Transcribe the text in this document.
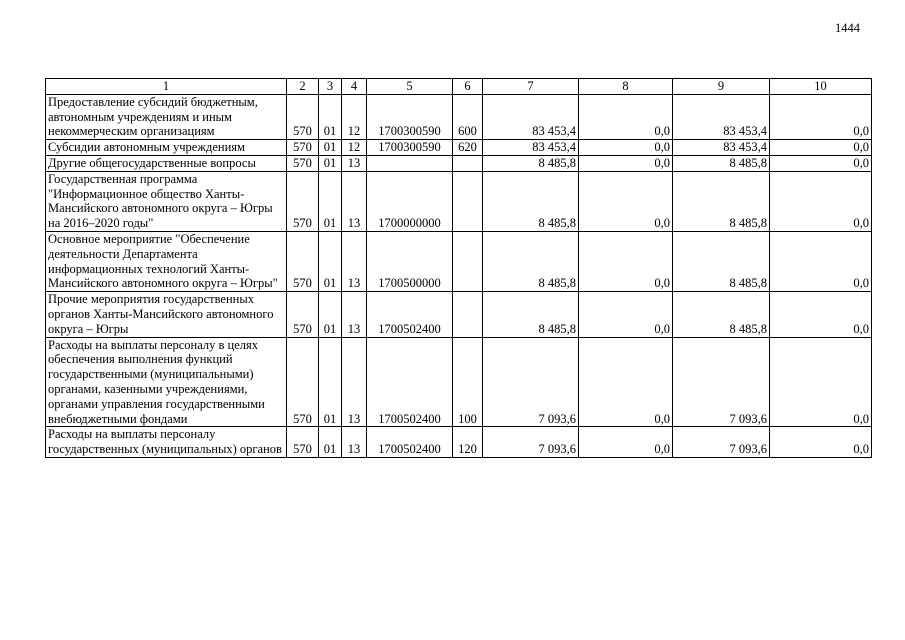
1444
1	2	3	4	5	6	7	8	9	10
Предоставление субсидий бюджетным, автономным учреждениям и иным некоммерческим организациям	570	01	12	1700300590	600	83 453,4	0,0	83 453,4	0,0
Субсидии автономным учреждениям	570	01	12	1700300590	620	83 453,4	0,0	83 453,4	0,0
Другие общегосударственные вопросы	570	01	13			8 485,8	0,0	8 485,8	0,0
Государственная программа "Информационное общество Ханты-Мансийского автономного округа – Югры на 2016–2020 годы"	570	01	13	1700000000		8 485,8	0,0	8 485,8	0,0
Основное мероприятие "Обеспечение деятельности Департамента информационных технологий Ханты-Мансийского автономного округа – Югры"	570	01	13	1700500000		8 485,8	0,0	8 485,8	0,0
Прочие мероприятия государственных органов Ханты-Мансийского автономного округа – Югры	570	01	13	1700502400		8 485,8	0,0	8 485,8	0,0
Расходы на выплаты персоналу в целях обеспечения выполнения функций государственными (муниципальными) органами, казенными учреждениями, органами управления государственными внебюджетными фондами	570	01	13	1700502400	100	7 093,6	0,0	7 093,6	0,0
Расходы на выплаты персоналу государственных (муниципальных) органов	570	01	13	1700502400	120	7 093,6	0,0	7 093,6	0,0
